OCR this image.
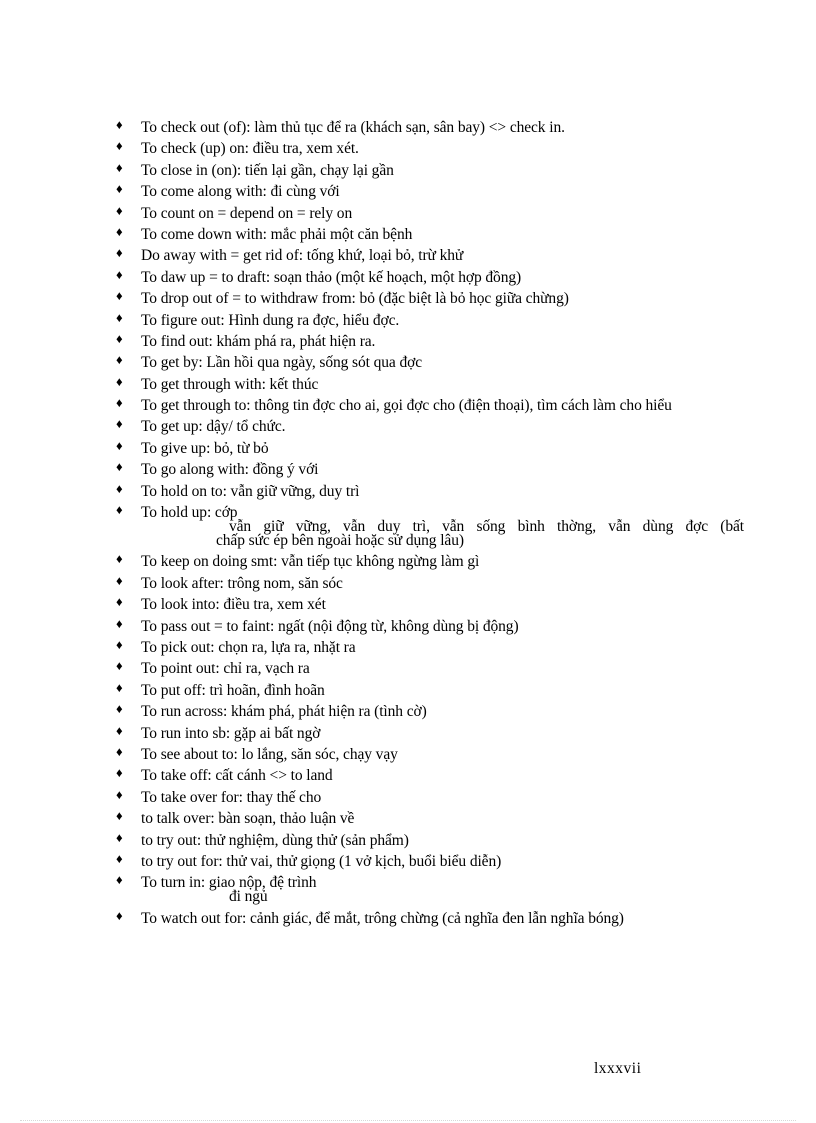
♦ To check out (of): làm thủ tục để ra (khách sạn, sân bay) <> check in.
♦ To check (up) on: điều tra, xem xét.
♦ To close in (on): tiến lại gần, chạy lại gần
♦ To come along with: đi cùng với
♦ To count on = depend on = rely on
♦ To come down with: mắc phải một căn bệnh
♦ Do away with = get rid of: tống khứ, loại bỏ, trừ khử
♦ To daw up = to draft: soạn thảo (một kế hoạch, một hợp đồng)
♦ To drop out of = to withdraw from: bỏ (đặc biệt là bỏ học giữa chừng)
♦ To figure out: Hình dung ra đợc, hiểu đợc.
♦ To find out: khám phá ra, phát hiện ra.
♦ To get by: Lần hồi qua ngày, sống sót qua đợc
♦ To get through with: kết thúc
♦ To get through to: thông tin đợc cho ai, gọi đợc cho (điện thoại), tìm cách làm cho hiểu
♦ To get up: dậy/ tổ chức.
♦ To give up: bỏ, từ bỏ
♦ To go along with: đồng ý với
♦ To hold on to: vẫn giữ vững, duy trì
♦ To hold up: cớp
vẫn giữ vững, vẫn duy trì, vẫn sống bình thờng, vẫn dùng đợc (bất
chấp sức ép bên ngoài hoặc sử dụng lâu)
♦ To keep on doing smt: vẫn tiếp tục không ngừng làm gì
♦ To look after: trông nom, săn sóc
♦ To look into: điều tra, xem xét
♦ To pass out = to faint: ngất (nội động từ, không dùng bị động)
♦ To pick out: chọn ra, lựa ra, nhặt ra
♦ To point out: chỉ ra, vạch ra
♦ To put off: trì hoãn, đình hoãn
♦ To run across: khám phá, phát hiện ra (tình cờ)
♦ To run into sb: gặp ai bất ngờ
♦ To see about to: lo lắng, săn sóc, chạy vạy
♦ To take off: cất cánh <> to land
♦ To take over for: thay thế cho
♦ to talk over: bàn soạn, thảo luận về
♦ to try out: thử nghiệm, dùng thử (sản phẩm)
♦ to try out for: thử vai, thử giọng (1 vở kịch, buổi biểu diễn)
♦ To turn in: giao nộp, đệ trình
đi ngủ
♦ To watch out for: cảnh giác, để mắt, trông chừng (cả nghĩa đen lẫn nghĩa bóng)
lxxxvii
